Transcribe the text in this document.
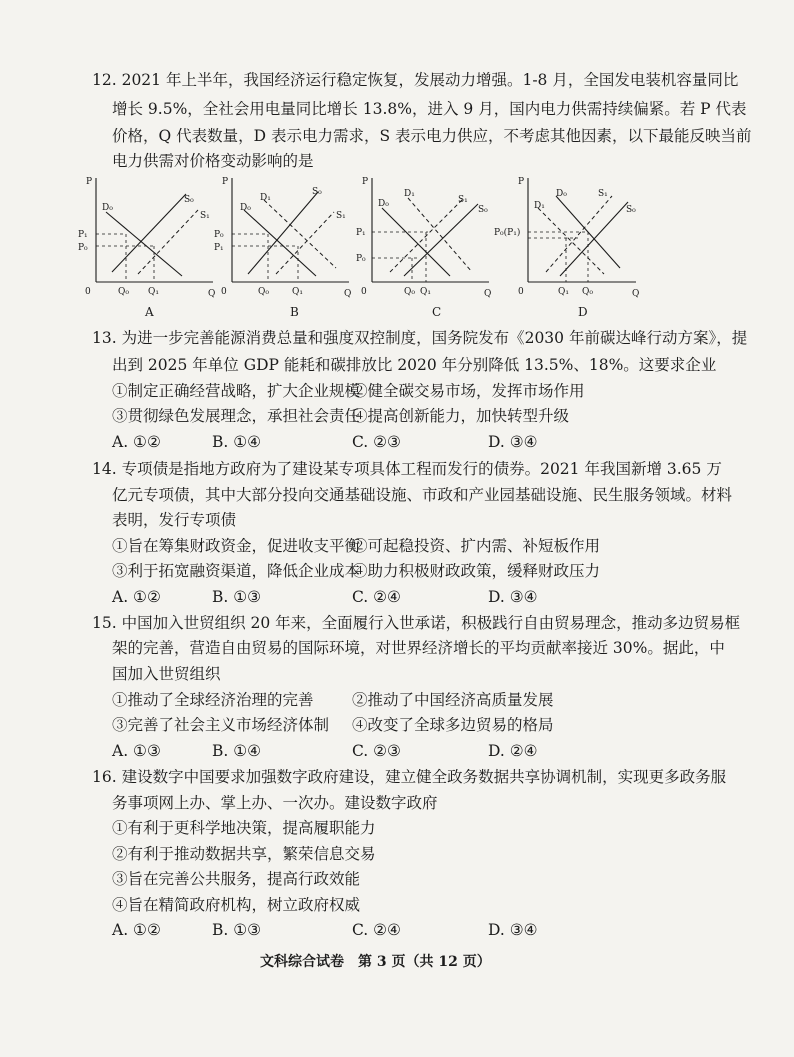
12. 2021 年上半年，我国经济运行稳定恢复，发展动力增强。1-8 月，全国发电装机容量同比
增长 9.5%，全社会用电量同比增长 13.8%，进入 9 月，国内电力供需持续偏紧。若 P 代表
价格，Q 代表数量，D 表示电力需求，S 表示电力供应，不考虑其他因素，以下最能反映当前
电力供需对价格变动影响的是
P
Q
0
D₀
S₀
S₁
P₁
P₀
Q₀ Q₁
A
P
Q
0
D₀
D₁
S₀
S₁
P₀
P₁
Q₀	Q₁
B
P
Q
0
D₁
D₀	S₁
S₀
P₁
P₀
Q₀ Q₁
C
P
Q
0
D₀
D₁
S₁
S₀
P₀(P₁)
Q₁ Q₀
D
13. 为进一步完善能源消费总量和强度双控制度，国务院发布《2030 年前碳达峰行动方案》，提
出到 2025 年单位 GDP 能耗和碳排放比 2020 年分别降低 13.5%、18%。这要求企业
①制定正确经营战略，扩大企业规模
②健全碳交易市场，发挥市场作用
③贯彻绿色发展理念，承担社会责任
④提高创新能力，加快转型升级
A. ①②	B. ①④	C. ②③	D. ③④
14. 专项债是指地方政府为了建设某专项具体工程而发行的债券。2021 年我国新增 3.65 万
亿元专项债，其中大部分投向交通基础设施、市政和产业园基础设施、民生服务领域。材料
表明，发行专项债
①旨在筹集财政资金，促进收支平衡
②可起稳投资、扩内需、补短板作用
③利于拓宽融资渠道，降低企业成本
④助力积极财政政策，缓释财政压力
A. ①②	B. ①③	C. ②④	D. ③④
15. 中国加入世贸组织 20 年来，全面履行入世承诺，积极践行自由贸易理念，推动多边贸易框
架的完善，营造自由贸易的国际环境，对世界经济增长的平均贡献率接近 30%。据此，中
国加入世贸组织
①推动了全球经济治理的完善 ②推动了中国经济高质量发展
③完善了社会主义市场经济体制 ④改变了全球多边贸易的格局
A. ①③	B. ①④	C. ②③	D. ②④
16. 建设数字中国要求加强数字政府建设，建立健全政务数据共享协调机制，实现更多政务服
务事项网上办、掌上办、一次办。建设数字政府
①有利于更科学地决策，提高履职能力
②有利于推动数据共享，繁荣信息交易
③旨在完善公共服务，提高行政效能
④旨在精简政府机构，树立政府权威
A. ①②	B. ①③	C. ②④	D. ③④
文科综合试卷　第 3 页（共 12 页）
